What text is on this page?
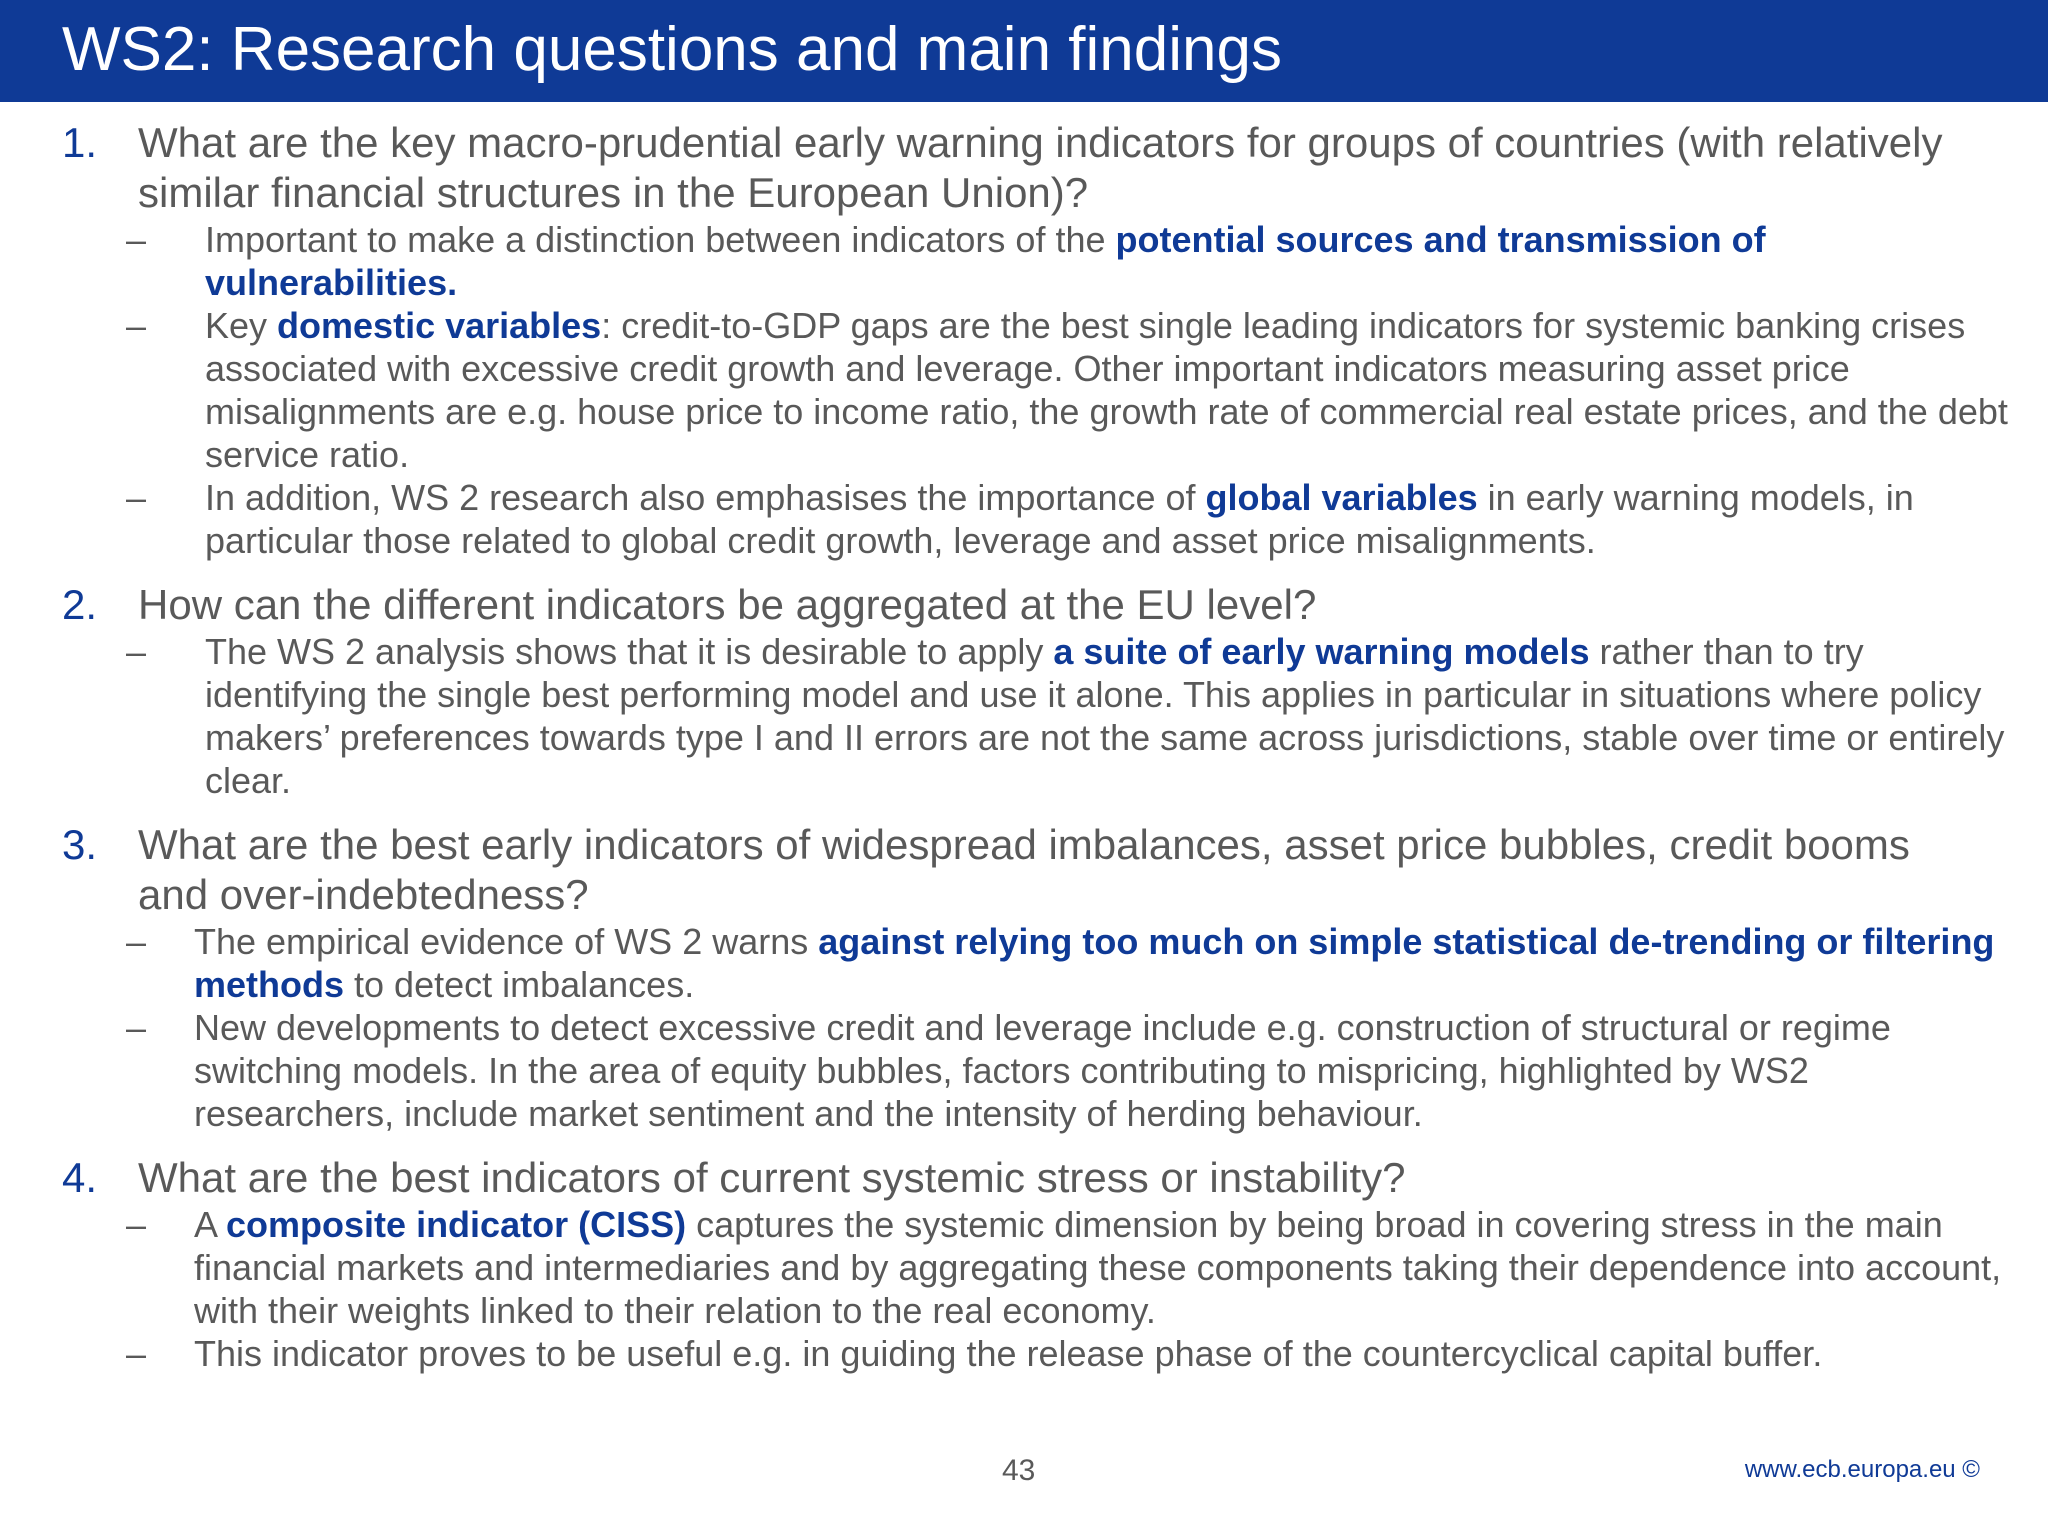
WS2: Research questions and main findings
1. What are the key macro-prudential early warning indicators for groups of countries (with relatively similar financial structures in the European Union)?
– Important to make a distinction between indicators of the potential sources and transmission of vulnerabilities.
– Key domestic variables: credit-to-GDP gaps are the best single leading indicators for systemic banking crises associated with excessive credit growth and leverage. Other important indicators measuring asset price misalignments are e.g. house price to income ratio, the growth rate of commercial real estate prices, and the debt service ratio.
– In addition, WS 2 research also emphasises the importance of global variables in early warning models, in particular those related to global credit growth, leverage and asset price misalignments.
2. How can the different indicators be aggregated at the EU level?
– The WS 2 analysis shows that it is desirable to apply a suite of early warning models rather than to try identifying the single best performing model and use it alone. This applies in particular in situations where policy makers’ preferences towards type I and II errors are not the same across jurisdictions, stable over time or entirely clear.
3. What are the best early indicators of widespread imbalances, asset price bubbles, credit booms and over-indebtedness?
– The empirical evidence of WS 2 warns against relying too much on simple statistical de-trending or filtering methods to detect imbalances.
– New developments to detect excessive credit and leverage include e.g. construction of structural or regime switching models. In the area of equity bubbles, factors contributing to mispricing, highlighted by WS2 researchers, include market sentiment and the intensity of herding behaviour.
4. What are the best indicators of current systemic stress or instability?
– A composite indicator (CISS) captures the systemic dimension by being broad in covering stress in the main financial markets and intermediaries and by aggregating these components taking their dependence into account, with their weights linked to their relation to the real economy.
– This indicator proves to be useful e.g. in guiding the release phase of the countercyclical capital buffer.
43	www.ecb.europa.eu ©
